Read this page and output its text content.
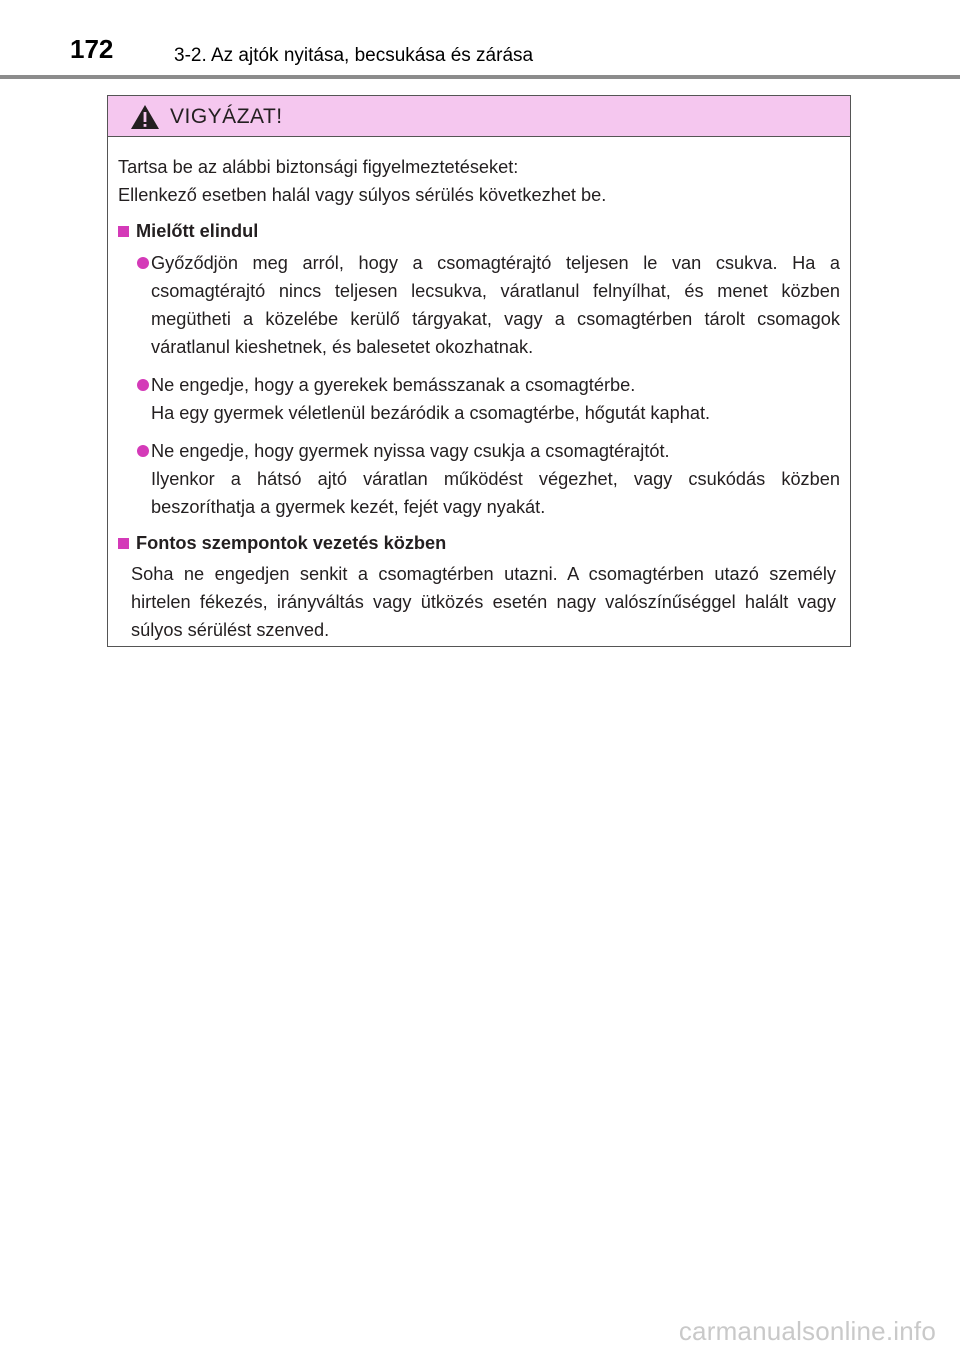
172	3-2. Az ajtók nyitása, becsukása és zárása
VIGYÁZAT!

Tartsa be az alábbi biztonsági figyelmeztetéseket:

Ellenkező esetben halál vagy súlyos sérülés következhet be.

Mielőtt elindul

Győződjön meg arról, hogy a csomagtérajtó teljesen le van csukva. Ha a csomagtérajtó nincs teljesen lecsukva, váratlanul felnyílhat, és menet közben megütheti a közelébe kerülő tárgyakat, vagy a csomagtérben tárolt csomagok váratlanul kieshetnek, és balesetet okozhatnak.

Ne engedje, hogy a gyerekek bemásszanak a csomagtérbe.

Ha egy gyermek véletlenül bezáródik a csomagtérbe, hőgutát kaphat.

Ne engedje, hogy gyermek nyissa vagy csukja a csomagtérajtót.

Ilyenkor a hátsó ajtó váratlan működést végezhet, vagy csukódás közben beszoríthatja a gyermek kezét, fejét vagy nyakát.

Fontos szempontok vezetés közben

Soha ne engedjen senkit a csomagtérben utazni. A csomagtérben utazó személy hirtelen fékezés, irányváltás vagy ütközés esetén nagy valószínűséggel halált vagy súlyos sérülést szenved.

carmanualsonline.info
